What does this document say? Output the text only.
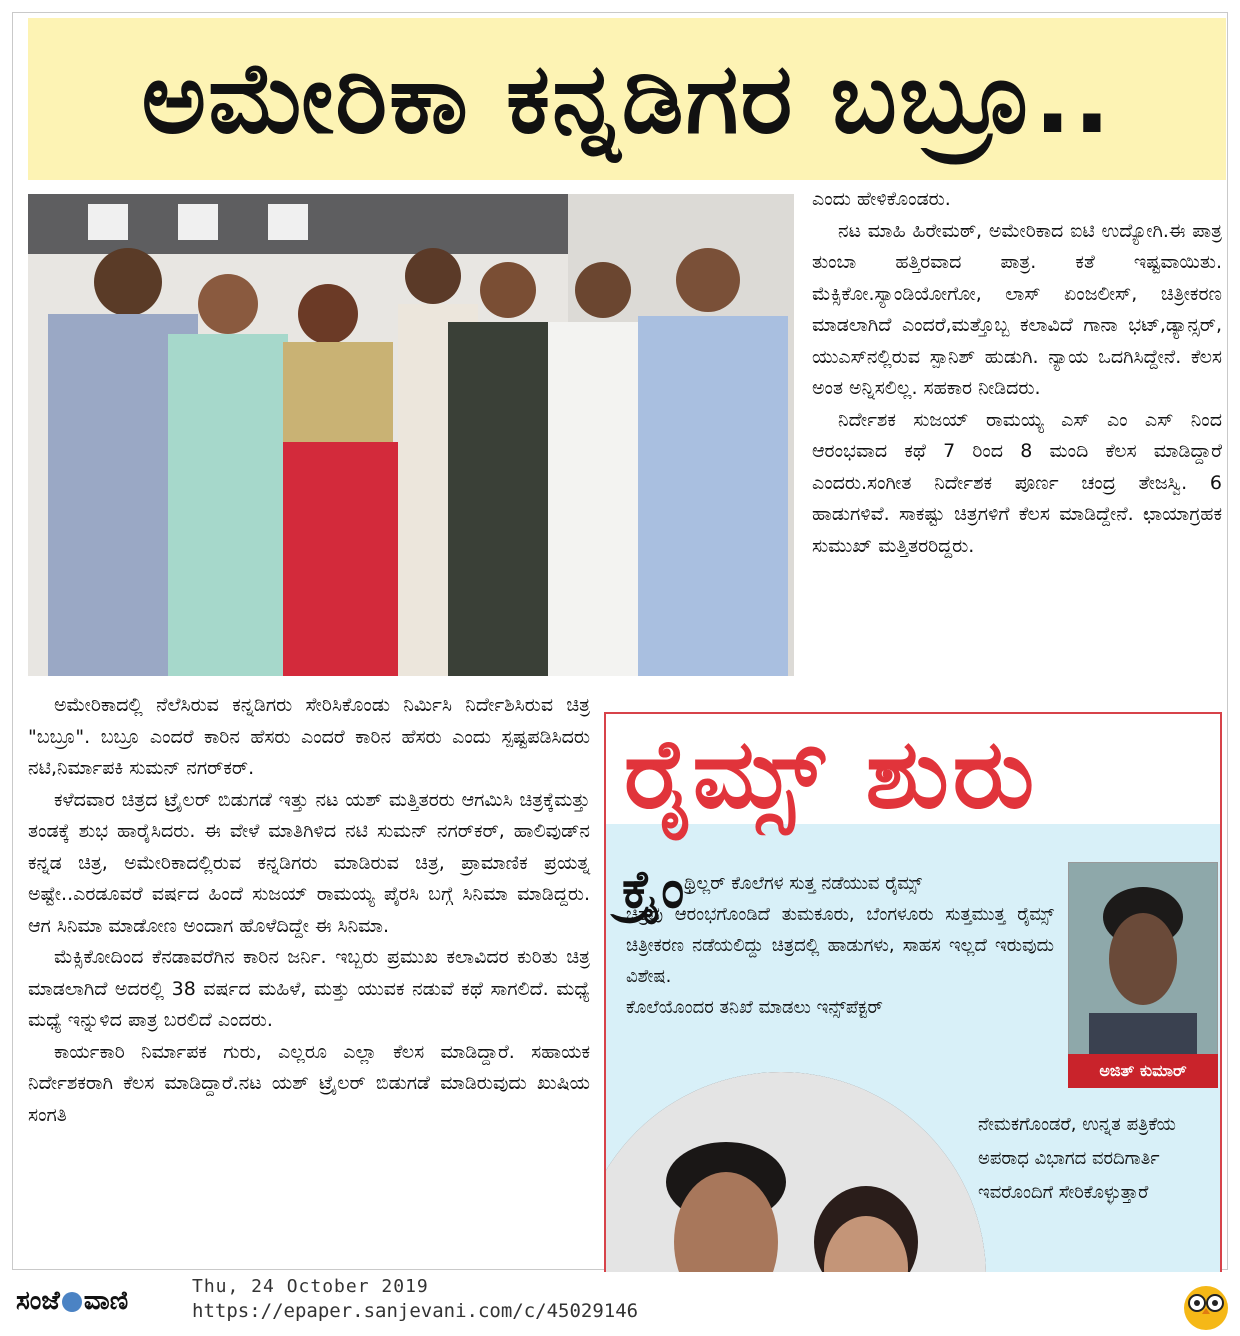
ಅಮೇರಿಕಾ ಕನ್ನಡಿಗರ ಬಬ್ರೂ..

ಎಂದು ಹೇಳಿಕೊಂಡರು.

ನಟ ಮಾಹಿ ಹಿರೇಮಠ್, ಅಮೇರಿಕಾದ ಐಟಿ ಉದ್ಯೋಗಿ.ಈ ಪಾತ್ರ ತುಂಬಾ ಹತ್ತಿರವಾದ ಪಾತ್ರ. ಕತೆ ಇಷ್ಟವಾಯಿತು. ಮೆಕ್ಸಿಕೋ.ಸ್ಯಾಂಡಿಯೋಗೋ, ಲಾಸ್ ಏಂಜಲೀಸ್, ಚಿತ್ರೀಕರಣ ಮಾಡಲಾಗಿದೆ ಎಂದರೆ,ಮತ್ತೊಬ್ಬ ಕಲಾವಿದೆ ಗಾನಾ ಭಟ್,ಡ್ಯಾನ್ಸರ್, ಯುಎಸ್‌ನಲ್ಲಿರುವ ಸ್ಪಾನಿಶ್ ಹುಡುಗಿ. ನ್ಯಾಯ ಒದಗಿಸಿದ್ದೇನೆ. ಕೆಲಸ ಅಂತ ಅನ್ನಿಸಲಿಲ್ಲ. ಸಹಕಾರ ನೀಡಿದರು.

ನಿರ್ದೇಶಕ ಸುಜಯ್ ರಾಮಯ್ಯ ಎಸ್ ಎಂ ಎಸ್ ನಿಂದ ಆರಂಭವಾದ ಕಥೆ 7 ರಿಂದ 8 ಮಂದಿ ಕೆಲಸ ಮಾಡಿದ್ದಾರೆ ಎಂದರು.ಸಂಗೀತ ನಿರ್ದೇಶಕ ಪೂರ್ಣ ಚಂದ್ರ ತೇಜಸ್ವಿ. 6 ಹಾಡುಗಳಿವೆ. ಸಾಕಷ್ಟು ಚಿತ್ರಗಳಿಗೆ ಕೆಲಸ ಮಾಡಿದ್ದೇನೆ. ಛಾಯಾಗ್ರಹಕ ಸುಮುಖ್ ಮತ್ತಿತರರಿದ್ದರು.

ಅಮೇರಿಕಾದಲ್ಲಿ ನೆಲೆಸಿರುವ ಕನ್ನಡಿಗರು ಸೇರಿಸಿಕೊಂಡು ನಿರ್ಮಿಸಿ ನಿರ್ದೇಶಿಸಿರುವ ಚಿತ್ರ "ಬಬ್ರೂ". ಬಬ್ರೂ ಎಂದರೆ ಕಾರಿನ ಹೆಸರು ಎಂದರೆ ಕಾರಿನ ಹೆಸರು ಎಂದು ಸ್ಪಷ್ಟಪಡಿಸಿದರು ನಟಿ,ನಿರ್ಮಾಪಕಿ ಸುಮನ್ ನಗರ್‌ಕರ್.

ಕಳೆದವಾರ ಚಿತ್ರದ ಟ್ರೈಲರ್ ಬಿಡುಗಡೆ ಇತ್ತು ನಟ ಯಶ್ ಮತ್ತಿತರರು ಆಗಮಿಸಿ ಚಿತ್ರಕ್ಕೆಮತ್ತು ತಂಡಕ್ಕೆ ಶುಭ ಹಾರೈಸಿದರು. ಈ ವೇಳೆ ಮಾತಿಗಿಳಿದ ನಟಿ ಸುಮನ್ ನಗರ್‌ಕರ್, ಹಾಲಿವುಡ್‌ನ ಕನ್ನಡ ಚಿತ್ರ, ಅಮೇರಿಕಾದಲ್ಲಿರುವ ಕನ್ನಡಿಗರು ಮಾಡಿರುವ ಚಿತ್ರ, ಪ್ರಾಮಾಣಿಕ ಪ್ರಯತ್ನ ಅಷ್ಟೇ..ಎರಡೂವರೆ ವರ್ಷದ ಹಿಂದೆ ಸುಜಯ್ ರಾಮಯ್ಯ ಪೈರಸಿ ಬಗ್ಗೆ ಸಿನಿಮಾ ಮಾಡಿದ್ದರು. ಆಗ ಸಿನಿಮಾ ಮಾಡೋಣ ಅಂದಾಗ ಹೊಳೆದಿದ್ದೇ ಈ ಸಿನಿಮಾ.

ಮೆಕ್ಸಿಕೋದಿಂದ ಕೆನಡಾವರೆಗಿನ ಕಾರಿನ ಜರ್ನಿ. ಇಬ್ಬರು ಪ್ರಮುಖ ಕಲಾವಿದರ ಕುರಿತು ಚಿತ್ರ ಮಾಡಲಾಗಿದೆ ಅದರಲ್ಲಿ 38 ವರ್ಷದ ಮಹಿಳೆ, ಮತ್ತು ಯುವಕ ನಡುವೆ ಕಥೆ ಸಾಗಲಿದೆ. ಮಧ್ಯೆ ಮಧ್ಯೆ ಇನ್ನುಳಿದ ಪಾತ್ರ ಬರಲಿದೆ ಎಂದರು.

ಕಾರ್ಯಕಾರಿ ನಿರ್ಮಾಪಕ ಗುರು, ಎಲ್ಲರೂ ಎಲ್ಲಾ ಕೆಲಸ ಮಾಡಿದ್ದಾರೆ. ಸಹಾಯಕ ನಿರ್ದೇಶಕರಾಗಿ ಕೆಲಸ ಮಾಡಿದ್ದಾರೆ.ನಟ ಯಶ್ ಟ್ರೈಲರ್ ಬಿಡುಗಡೆ ಮಾಡಿರುವುದು ಖುಷಿಯ ಸಂಗತಿ

ರೈಮ್ಸ್ ಶುರು
ಕ್ರೈಂ ಥ್ರಿಲ್ಲರ್ ಕೊಲೆಗಳ ಸುತ್ತ ನಡೆಯುವ ರೈಮ್ಸ್
ಚಿತ್ರವು ಆರಂಭಗೊಂಡಿದೆ ತುಮಕೂರು, ಬೆಂಗಳೂರು ಸುತ್ತಮುತ್ತ ರೈಮ್ಸ್ ಚಿತ್ರೀಕರಣ ನಡೆಯಲಿದ್ದು ಚಿತ್ರದಲ್ಲಿ ಹಾಡುಗಳು, ಸಾಹಸ ಇಲ್ಲದೆ ಇರುವುದು ವಿಶೇಷ.
ಕೊಲೆಯೊಂದರ ತನಿಖೆ ಮಾಡಲು ಇನ್ಸ್‌ಪೆಕ್ಟರ್
ಅಜಿತ್ ಕುಮಾರ್
ನೇಮಕಗೊಂಡರೆ, ಉನ್ನತ ಪತ್ರಿಕೆಯ ಅಪರಾಧ ವಿಭಾಗದ ವರದಿಗಾರ್ತಿ ಇವರೊಂದಿಗೆ ಸೇರಿಕೊಳ್ಳುತ್ತಾರೆ
ಸಂಜೆ ವಾಣಿ	Thu, 24 October 2019
https://epaper.sanjevani.com/c/45029146
